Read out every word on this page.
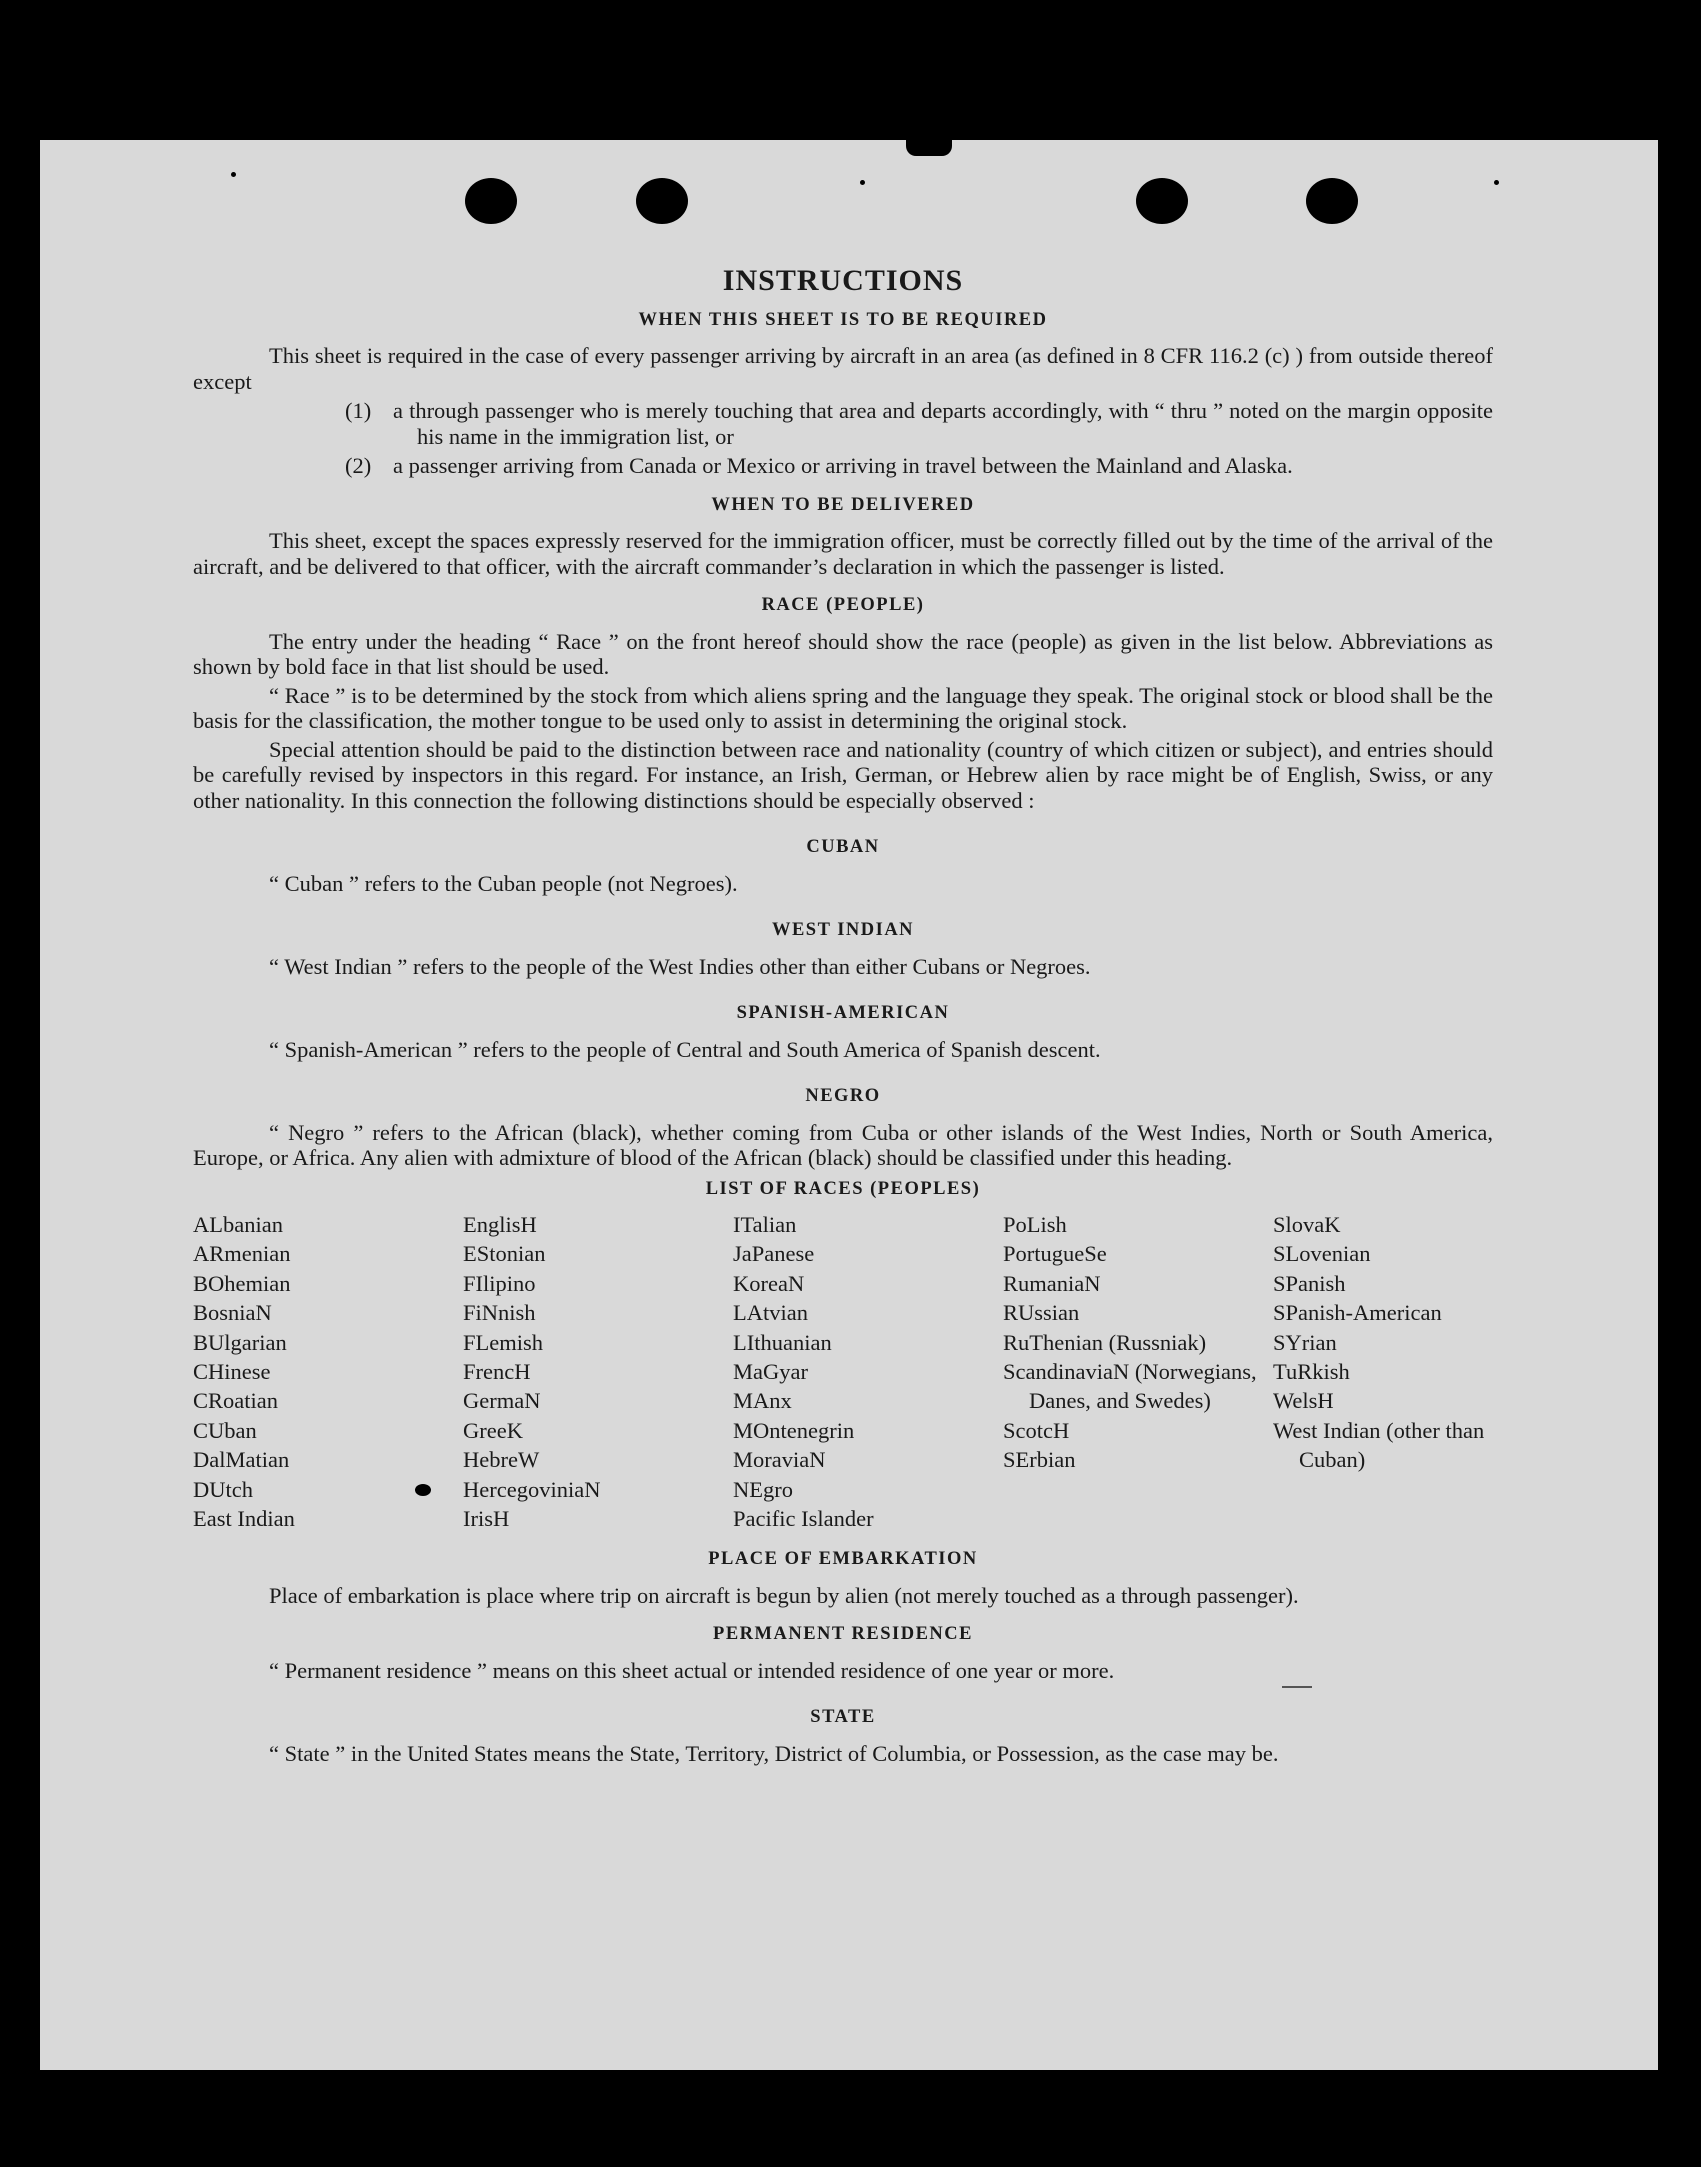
INSTRUCTIONS
WHEN THIS SHEET IS TO BE REQUIRED

This sheet is required in the case of every passenger arriving by aircraft in an area (as defined in 8 CFR 116.2 (c) ) from outside thereof except

(1) a through passenger who is merely touching that area and departs accordingly, with “ thru ” noted on the margin opposite his name in the immigration list, or
(2) a passenger arriving from Canada or Mexico or arriving in travel between the Mainland and Alaska.
WHEN TO BE DELIVERED

This sheet, except the spaces expressly reserved for the immigration officer, must be correctly filled out by the time of the arrival of the aircraft, and be delivered to that officer, with the aircraft commander’s declaration in which the passenger is listed.

RACE (PEOPLE)

The entry under the heading “ Race ” on the front hereof should show the race (people) as given in the list below. Abbreviations as shown by bold face in that list should be used.

“ Race ” is to be determined by the stock from which aliens spring and the language they speak. The original stock or blood shall be the basis for the classification, the mother tongue to be used only to assist in determining the original stock.

Special attention should be paid to the distinction between race and nationality (country of which citizen or subject), and entries should be carefully revised by inspectors in this regard. For instance, an Irish, German, or Hebrew alien by race might be of English, Swiss, or any other nationality. In this connection the following distinctions should be especially observed :

CUBAN

“ Cuban ” refers to the Cuban people (not Negroes).

WEST INDIAN

“ West Indian ” refers to the people of the West Indies other than either Cubans or Negroes.

SPANISH-AMERICAN

“ Spanish-American ” refers to the people of Central and South America of Spanish descent.

NEGRO

“ Negro ” refers to the African (black), whether coming from Cuba or other islands of the West Indies, North or South America, Europe, or Africa. Any alien with admixture of blood of the African (black) should be classified under this heading.

LIST OF RACES (PEOPLES)
ALbanian
ARmenian
BOhemian
BosniaN
BUlgarian
CHinese
CRoatian
CUban
DalMatian
DUtch
East Indian
EnglisH
EStonian
FIlipino
FiNnish
FLemish
FrencH
GermaN
GreeK
HebreW
HercegoviniaN
IrisH
ITalian
JaPanese
KoreaN
LAtvian
LIthuanian
MaGyar
MAnx
MOntenegrin
MoraviaN
NEgro
Pacific Islander
PoLish
PortugueSe
RumaniaN
RUssian
RuThenian (Russniak)
ScandinaviaN (Norwegians, Danes, and Swedes)
ScotcH
SErbian
SlovaK
SLovenian
SPanish
SPanish-American
SYrian
TuRkish
WelsH
West Indian (other than Cuban)
PLACE OF EMBARKATION

Place of embarkation is place where trip on aircraft is begun by alien (not merely touched as a through passenger).

PERMANENT RESIDENCE

“ Permanent residence ” means on this sheet actual or intended residence of one year or more.

STATE

“ State ” in the United States means the State, Territory, District of Columbia, or Possession, as the case may be.
